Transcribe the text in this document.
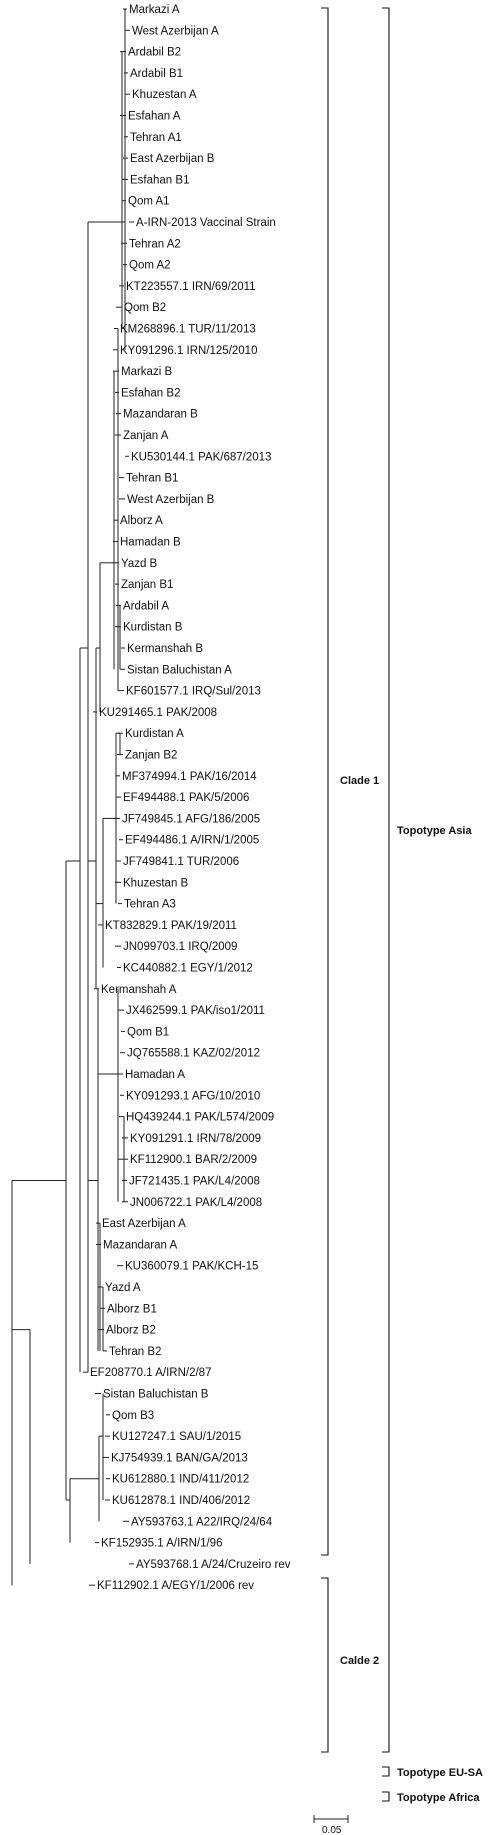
Markazi A
West Azerbijan A
Ardabil B2
Ardabil B1
Khuzestan A
Esfahan A
Tehran A1
East Azerbijan B
Esfahan B1
Qom A1
A-IRN-2013 Vaccinal Strain
Tehran A2
Qom A2
KT223557.1 IRN/69/2011
Qom B2
KM268896.1 TUR/11/2013
KY091296.1 IRN/125/2010
Markazi B
Esfahan B2
Mazandaran B
Zanjan A
KU530144.1 PAK/687/2013
Tehran B1
West Azerbijan B
Alborz A
Hamadan B
Yazd B
Zanjan B1
Ardabil A
Kurdistan B
Kermanshah B
Sistan Baluchistan A
KF601577.1 IRQ/Sul/2013
KU291465.1 PAK/2008
Kurdistan A
Zanjan B2
MF374994.1 PAK/16/2014
EF494488.1 PAK/5/2006
JF749845.1 AFG/186/2005
EF494486.1 A/IRN/1/2005
JF749841.1 TUR/2006
Khuzestan B
Tehran A3
KT832829.1 PAK/19/2011
JN099703.1 IRQ/2009
KC440882.1 EGY/1/2012
Kermanshah A
JX462599.1 PAK/iso1/2011
Qom B1
JQ765588.1 KAZ/02/2012
Hamadan A
KY091293.1 AFG/10/2010
HQ439244.1 PAK/L574/2009
KY091291.1 IRN/78/2009
KF112900.1 BAR/2/2009
JF721435.1 PAK/L4/2008
JN006722.1 PAK/L4/2008
East Azerbijan A
Mazandaran A
KU360079.1 PAK/KCH-15
Yazd A
Alborz B1
Alborz B2
Tehran B2
EF208770.1 A/IRN/2/87
Sistan Baluchistan B
Qom B3
KU127247.1 SAU/1/2015
KJ754939.1 BAN/GA/2013
KU612880.1 IND/411/2012
KU612878.1 IND/406/2012
AY593763.1 A22/IRQ/24/64
KF152935.1 A/IRN/1/96
AY593768.1 A/24/Cruzeiro rev
KF112902.1 A/EGY/1/2006 rev
Clade 1
Calde 2
Topotype Asia
Topotype EU-SA
Topotype Africa
0.05
